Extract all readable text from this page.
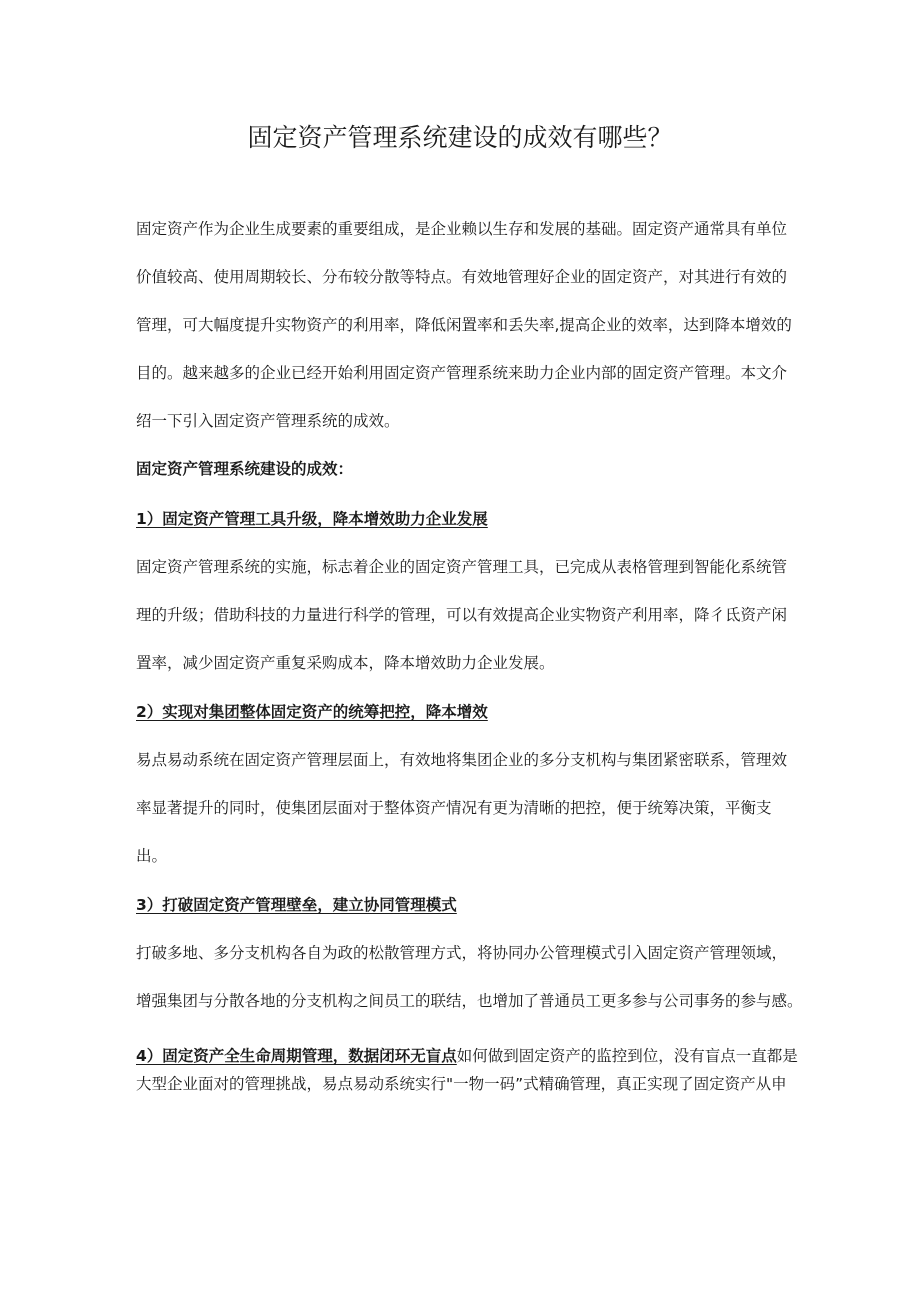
固定资产管理系统建设的成效有哪些？
固定资产作为企业生成要素的重要组成，是企业赖以生存和发展的基础。固定资产通常具有单位
价值较高、使用周期较长、分布较分散等特点。有效地管理好企业的固定资产，对其进行有效的
管理，可大幅度提升实物资产的利用率，降低闲置率和丢失率,提高企业的效率，达到降本增效的
目的。越来越多的企业已经开始利用固定资产管理系统来助力企业内部的固定资产管理。本文介
绍一下引入固定资产管理系统的成效。
固定资产管理系统建设的成效：
1）固定资产管理工具升级，降本增效助力企业发展
固定资产管理系统的实施，标志着企业的固定资产管理工具，已完成从表格管理到智能化系统管
理的升级；借助科技的力量进行科学的管理，可以有效提高企业实物资产利用率，降彳氐资产闲
置率，减少固定资产重复采购成本，降本增效助力企业发展。
2）实现对集团整体固定资产的统筹把控，降本增效
易点易动系统在固定资产管理层面上，有效地将集团企业的多分支机构与集团紧密联系，管理效
率显著提升的同时，使集团层面对于整体资产情况有更为清晰的把控，便于统筹决策，平衡支
出。
3）打破固定资产管理壁垒，建立协同管理模式
打破多地、多分支机构各自为政的松散管理方式，将协同办公管理模式引入固定资产管理领域，
增强集团与分散各地的分支机构之间员工的联结，也增加了普通员工更多参与公司事务的参与感。
4）固定资产全生命周期管理，数据闭环无盲点如何做到固定资产的监控到位，没有盲点一直都是
大型企业面对的管理挑战，易点易动系统实行"一物一码”式精确管理，真正实现了固定资产从申
